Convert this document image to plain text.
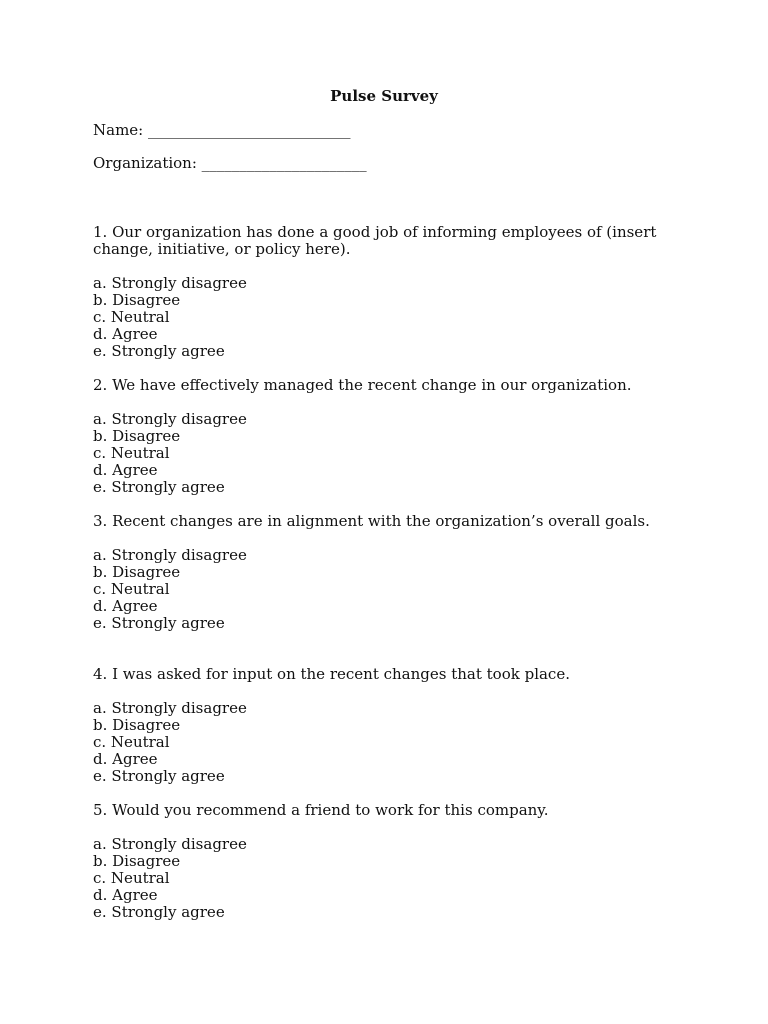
Pulse Survey
Name: ___________________________
Organization: ______________________
1. Our organization has done a good job of informing employees of (insert change, initiative, or policy here).
a. Strongly disagree
b. Disagree
c. Neutral
d. Agree
e. Strongly agree
2. We have effectively managed the recent change in our organization.
a. Strongly disagree
b. Disagree
c. Neutral
d. Agree
e. Strongly agree
3. Recent changes are in alignment with the organization’s overall goals.
a. Strongly disagree
b. Disagree
c. Neutral
d. Agree
e. Strongly agree
4. I was asked for input on the recent changes that took place.
a. Strongly disagree
b. Disagree
c. Neutral
d. Agree
e. Strongly agree
5. Would you recommend a friend to work for this company.
a. Strongly disagree
b. Disagree
c. Neutral
d. Agree
e. Strongly agree
